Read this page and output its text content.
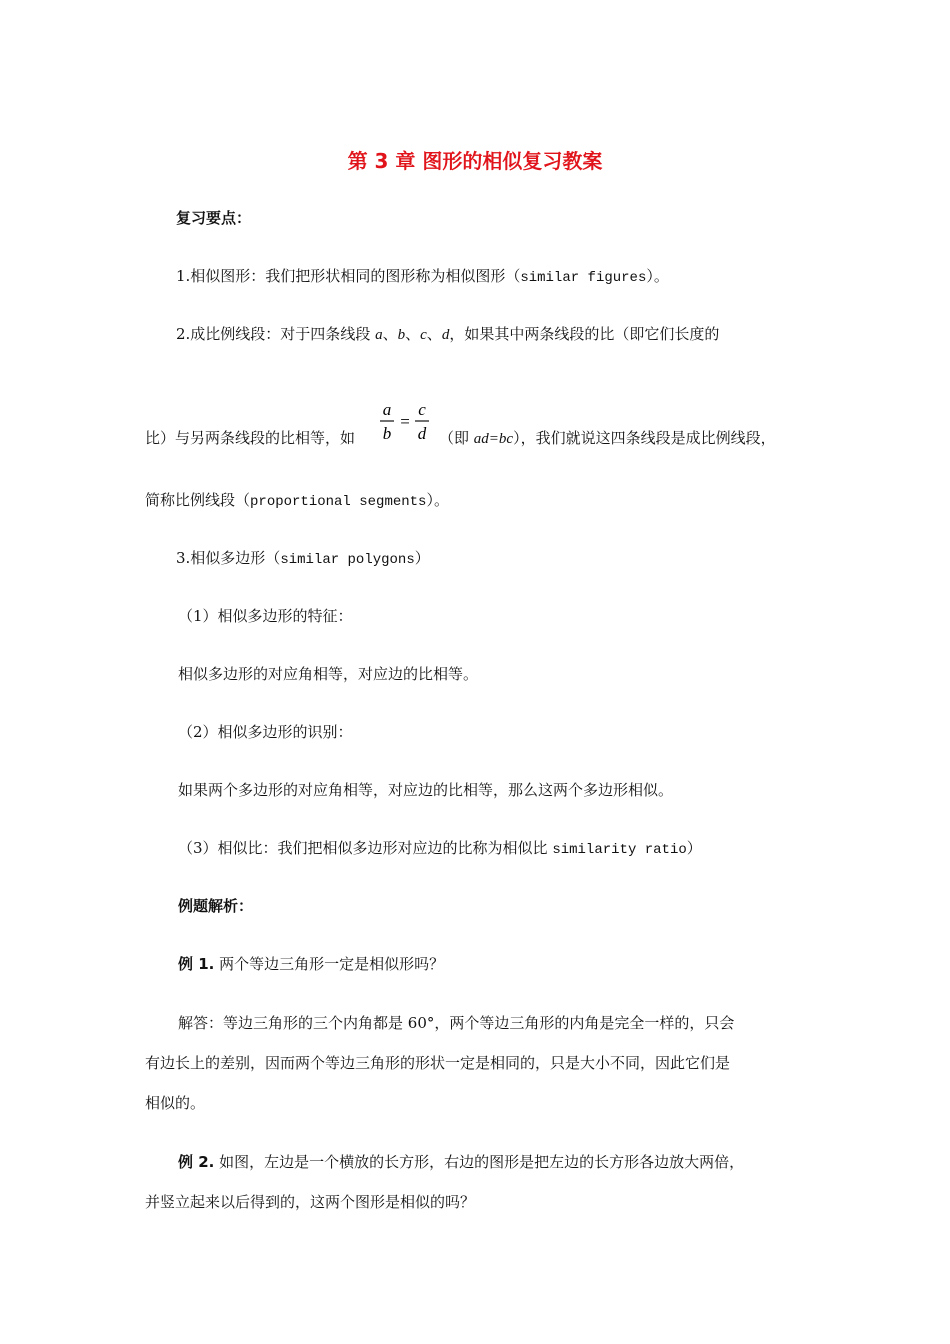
第 3 章 图形的相似复习教案
复习要点：
1.相似图形：我们把形状相同的图形称为相似图形（similar figures）。
2.成比例线段：对于四条线段 a、b、c、d，如果其中两条线段的比（即它们长度的
比）与另两条线段的比相等，如
a
b
=
c
d （即 ad=bc），我们就说这四条线段是成比例线段，
简称比例线段（proportional segments）。
3.相似多边形（similar polygons）
（1）相似多边形的特征：
相似多边形的对应角相等，对应边的比相等。
（2）相似多边形的识别：
如果两个多边形的对应角相等，对应边的比相等，那么这两个多边形相似。
（3）相似比：我们把相似多边形对应边的比称为相似比 similarity ratio）
例题解析：
例 1. 两个等边三角形一定是相似形吗？
解答：等边三角形的三个内角都是 60°，两个等边三角形的内角是完全一样的，只会
有边长上的差别，因而两个等边三角形的形状一定是相同的，只是大小不同，因此它们是
相似的。
例 2. 如图，左边是一个横放的长方形，右边的图形是把左边的长方形各边放大两倍，
并竖立起来以后得到的，这两个图形是相似的吗？
